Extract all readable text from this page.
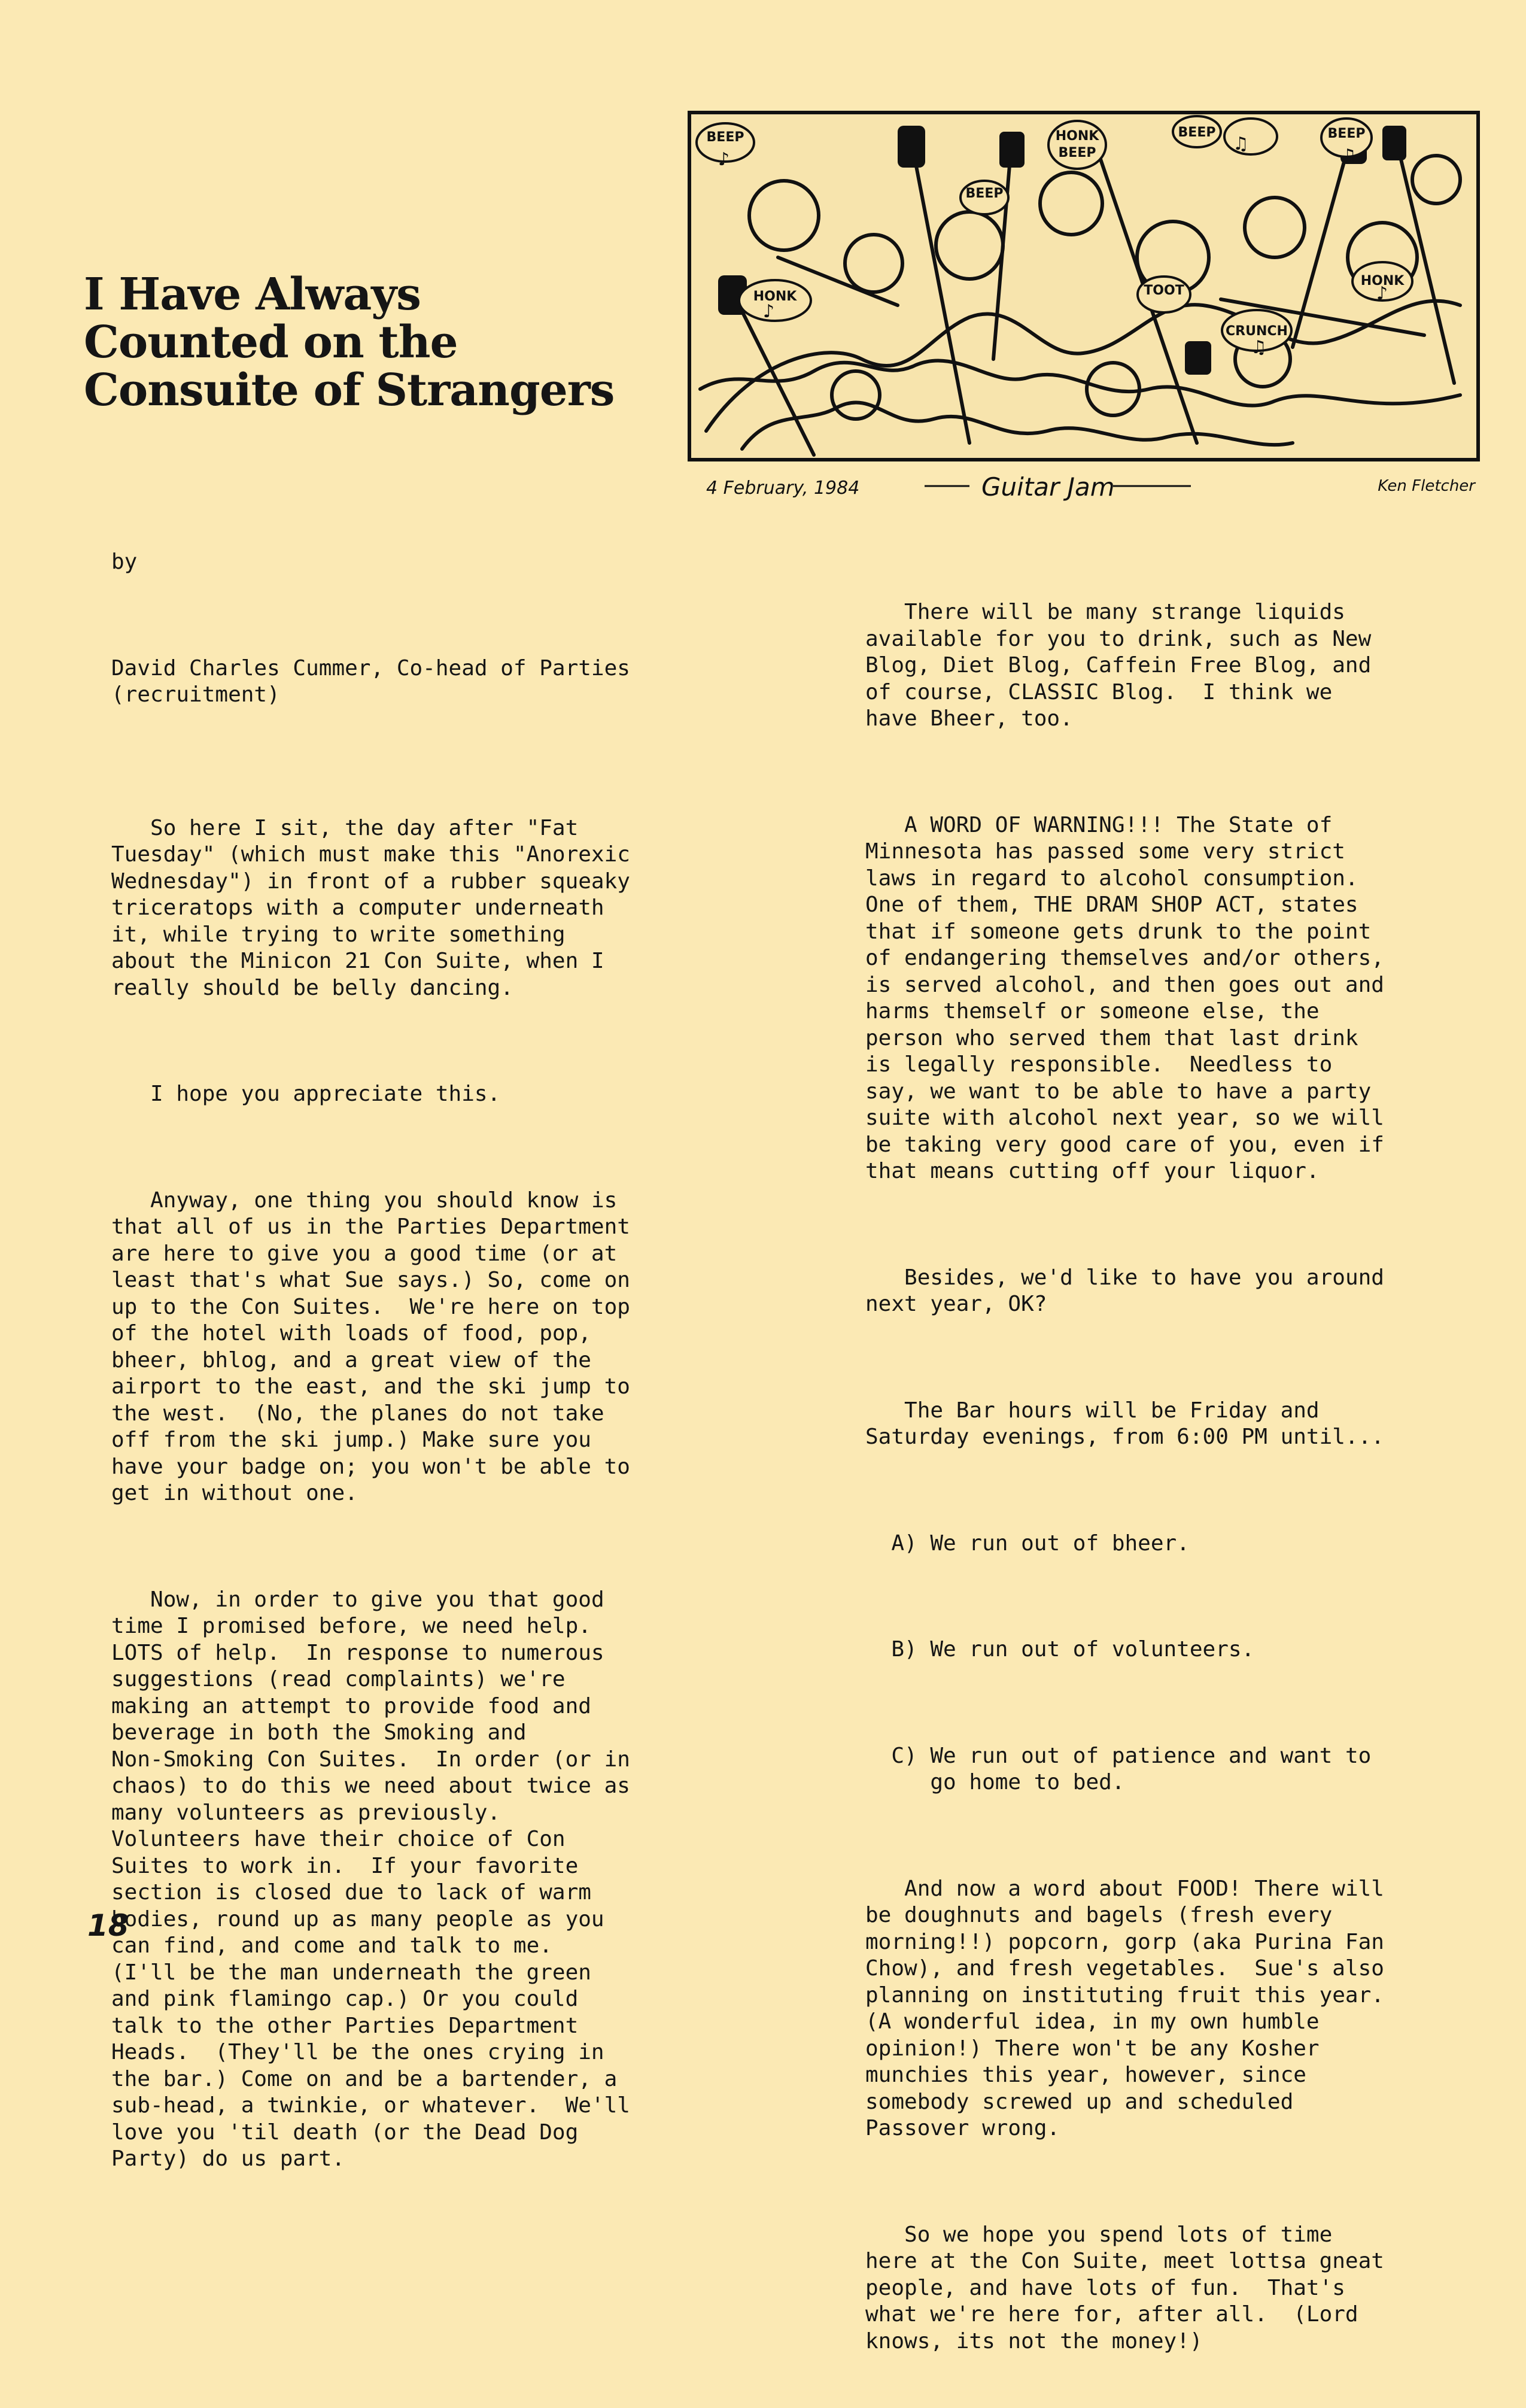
I Have Always
Counted on the
Consuite of Strangers
BEEP	HONK
BEEP
BEEP	BEEP
BEEP
HONK	TOOT
CRUNCH
HONK
♪
♫
♫
♪
♫
♪
4 February, 1984	Guitar Jam	Ken Fletcher

by

David Charles Cummer, Co-head of Parties
(recruitment)

So here I sit, the day after "Fat
Tuesday" (which must make this "Anorexic
Wednesday") in front of a rubber squeaky
triceratops with a computer underneath
it, while trying to write something
about the Minicon 21 Con Suite, when I
really should be belly dancing.

I hope you appreciate this.

Anyway, one thing you should know is
that all of us in the Parties Department
are here to give you a good time (or at
least that's what Sue says.) So, come on
up to the Con Suites.  We're here on top
of the hotel with loads of food, pop,
bheer, bhlog, and a great view of the
airport to the east, and the ski jump to
the west.  (No, the planes do not take
off from the ski jump.) Make sure you
have your badge on; you won't be able to
get in without one.

Now, in order to give you that good
time I promised before, we need help.
LOTS of help.  In response to numerous
suggestions (read complaints) we're
making an attempt to provide food and
beverage in both the Smoking and
Non-Smoking Con Suites.  In order (or in
chaos) to do this we need about twice as
many volunteers as previously.
Volunteers have their choice of Con
Suites to work in.  If your favorite
section is closed due to lack of warm
bodies, round up as many people as you
can find, and come and talk to me.
(I'll be the man underneath the green
and pink flamingo cap.) Or you could
talk to the other Parties Department
Heads.  (They'll be the ones crying in
the bar.) Come on and be a bartender, a
sub-head, a twinkie, or whatever.  We'll
love you 'til death (or the Dead Dog
Party) do us part.

There will be many strange liquids
available for you to drink, such as New
Blog, Diet Blog, Caffein Free Blog, and
of course, CLASSIC Blog.  I think we
have Bheer, too.

A WORD OF WARNING!!! The State of
Minnesota has passed some very strict
laws in regard to alcohol consumption.
One of them, THE DRAM SHOP ACT, states
that if someone gets drunk to the point
of endangering themselves and/or others,
is served alcohol, and then goes out and
harms themself or someone else, the
person who served them that last drink
is legally responsible.  Needless to
say, we want to be able to have a party
suite with alcohol next year, so we will
be taking very good care of you, even if
that means cutting off your liquor.

Besides, we'd like to have you around
next year, OK?

The Bar hours will be Friday and
Saturday evenings, from 6:00 PM until...

A) We run out of bheer.

B) We run out of volunteers.

C) We run out of patience and want to
go home to bed.

And now a word about FOOD! There will
be doughnuts and bagels (fresh every
morning!!) popcorn, gorp (aka Purina Fan
Chow), and fresh vegetables.  Sue's also
planning on instituting fruit this year.
(A wonderful idea, in my own humble
opinion!) There won't be any Kosher
munchies this year, however, since
somebody screwed up and scheduled
Passover wrong.

So we hope you spend lots of time
here at the Con Suite, meet lottsa gneat
people, and have lots of fun.  That's
what we're here for, after all.  (Lord
knows, its not the money!)

18
